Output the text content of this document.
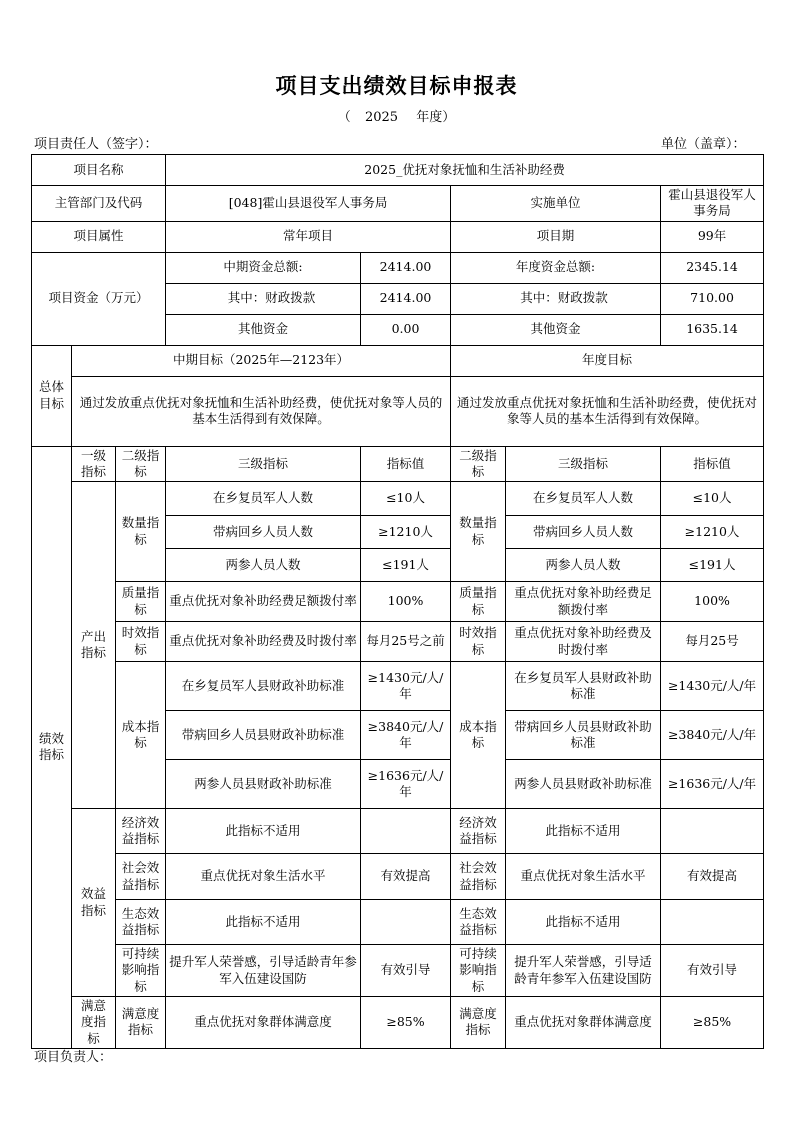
项目支出绩效目标申报表
（ 2025 年度）
项目责任人（签字）：	单位（盖章）：
项目名称			2025_优抚对象抚恤和生活补助经费				
主管部门及代码			[048]霍山县退役军人事务局		实施单位		霍山县退役军人事务局
项目属性			常年项目		项目期		99年
项目资金（万元）			中期资金总额:	2414.00	年度资金总额:		2345.14
			其中：财政拨款	2414.00	其中：财政拨款		710.00
			其他资金	0.00	其他资金		1635.14
总体目标	中期目标（2025年—2123年）				年度目标		
	通过发放重点优抚对象抚恤和生活补助经费，使优抚对象等人员的基本生活得到有效保障。				通过发放重点优抚对象抚恤和生活补助经费，使优抚对象等人员的基本生活得到有效保障。		
绩效指标	一级指标	二级指标	三级指标	指标值	二级指标	三级指标	指标值
	产出指标	数量指标	在乡复员军人人数	≤10人	数量指标	在乡复员军人人数	≤10人
			带病回乡人员人数	≥1210人		带病回乡人员人数	≥1210人
			两参人员人数	≤191人		两参人员人数	≤191人
		质量指标	重点优抚对象补助经费足额拨付率	100%	质量指标	重点优抚对象补助经费足额拨付率	100%
		时效指标	重点优抚对象补助经费及时拨付率	每月25号之前	时效指标	重点优抚对象补助经费及时拨付率	每月25号
		成本指标	在乡复员军人县财政补助标准	≥1430元/人/年	成本指标	在乡复员军人县财政补助标准	≥1430元/人/年
			带病回乡人员县财政补助标准	≥3840元/人/年		带病回乡人员县财政补助标准	≥3840元/人/年
			两参人员县财政补助标准	≥1636元/人/年		两参人员县财政补助标准	≥1636元/人/年
	效益指标	经济效益指标	此指标不适用		经济效益指标	此指标不适用	
		社会效益指标	重点优抚对象生活水平	有效提高	社会效益指标	重点优抚对象生活水平	有效提高
		生态效益指标	此指标不适用		生态效益指标	此指标不适用	
		可持续影响指标	提升军人荣誉感，引导适龄青年参军入伍建设国防	有效引导	可持续影响指标	提升军人荣誉感，引导适龄青年参军入伍建设国防	有效引导
	满意度指标	满意度指标	重点优抚对象群体满意度	≥85%	满意度指标	重点优抚对象群体满意度	≥85%
项目负责人：
